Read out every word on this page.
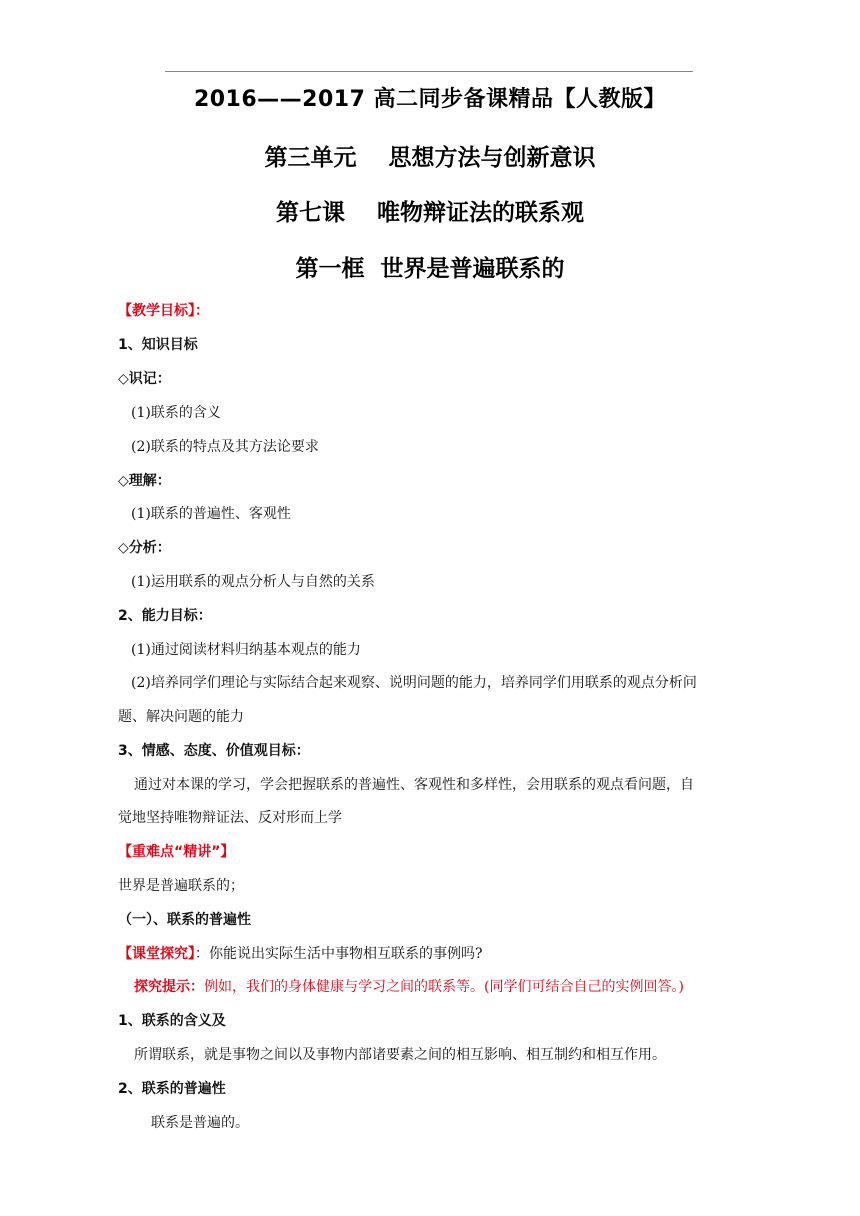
2016——2017 高二同步备课精品【人教版】
第三单元    思想方法与创新意识
第七课    唯物辩证法的联系观
第一框  世界是普遍联系的
【教学目标】：
1、知识目标
◇识记：
(1)联系的含义
(2)联系的特点及其方法论要求
◇理解：
(1)联系的普遍性、客观性
◇分析：
(1)运用联系的观点分析人与自然的关系
2、能力目标：
(1)通过阅读材料归纳基本观点的能力
(2)培养同学们理论与实际结合起来观察、说明问题的能力，培养同学们用联系的观点分析问
题、解决问题的能力
3、情感、态度、价值观目标：
通过对本课的学习，学会把握联系的普遍性、客观性和多样性，会用联系的观点看问题，自
觉地坚持唯物辩证法、反对形而上学
【重难点“精讲”】
世界是普遍联系的；
（一）、联系的普遍性
【课堂探究】：你能说出实际生活中事物相互联系的事例吗?
探究提示：例如，我们的身体健康与学习之间的联系等。(同学们可结合自己的实例回答。)
1、联系的含义及
所谓联系，就是事物之间以及事物内部诸要素之间的相互影响、相互制约和相互作用。
2、联系的普遍性
联系是普遍的。
